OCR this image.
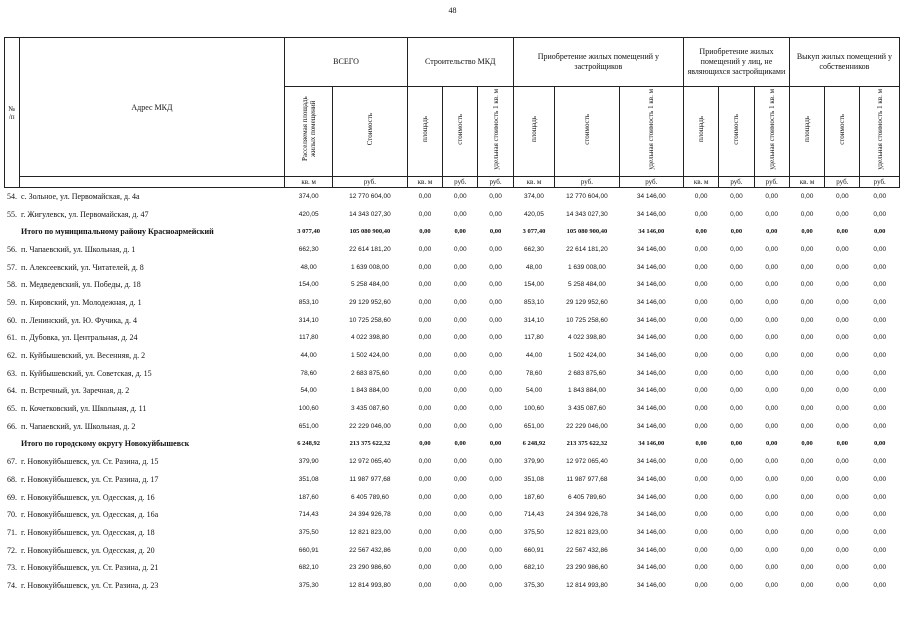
48
№
/п	Адрес МКД	ВСЕГО		Строительство МКД			Приобретение жилых помещений у застройщиков			Приобретение жилых помещений у лиц, не являющихся застройщиками			Выкуп жилых помещений у собственников		
		Расселяемая площадь жилых помещений	Стоимость	площадь	стоимость	удельная стоимость 1 кв. м	площадь	стоимость	удельная стоимость 1 кв. м	площадь	стоимость	удельная стоимость 1 кв. м	площадь	стоимость	удельная стоимость 1 кв. м
		кв. м	руб.	кв. м	руб.	руб.	кв. м	руб.	руб.	кв. м	руб.	руб.	кв. м	руб.	руб.
54.	с. Зольное, ул. Первомайская, д. 4а	374,00	12 770 604,00	0,00	0,00	0,00	374,00	12 770 604,00	34 146,00	0,00	0,00	0,00	0,00	0,00	0,00
55.	г. Жигулевск, ул. Первомайская, д. 47	420,05	14 343 027,30	0,00	0,00	0,00	420,05	14 343 027,30	34 146,00	0,00	0,00	0,00	0,00	0,00	0,00
	Итого по муниципальному району Красноармейский	3 077,40	105 080 900,40	0,00	0,00	0,00	3 077,40	105 080 900,40	34 146,00	0,00	0,00	0,00	0,00	0,00	0,00
56.	п. Чапаевский, ул. Школьная, д. 1	662,30	22 614 181,20	0,00	0,00	0,00	662,30	22 614 181,20	34 146,00	0,00	0,00	0,00	0,00	0,00	0,00
57.	п. Алексеевский, ул. Читателей, д. 8	48,00	1 639 008,00	0,00	0,00	0,00	48,00	1 639 008,00	34 146,00	0,00	0,00	0,00	0,00	0,00	0,00
58.	п. Медведевский, ул. Победы, д. 18	154,00	5 258 484,00	0,00	0,00	0,00	154,00	5 258 484,00	34 146,00	0,00	0,00	0,00	0,00	0,00	0,00
59.	п. Кировский, ул. Молодежная, д. 1	853,10	29 129 952,60	0,00	0,00	0,00	853,10	29 129 952,60	34 146,00	0,00	0,00	0,00	0,00	0,00	0,00
60.	п. Ленинский, ул. Ю. Фучика, д. 4	314,10	10 725 258,60	0,00	0,00	0,00	314,10	10 725 258,60	34 146,00	0,00	0,00	0,00	0,00	0,00	0,00
61.	п. Дубовка, ул. Центральная, д. 24	117,80	4 022 398,80	0,00	0,00	0,00	117,80	4 022 398,80	34 146,00	0,00	0,00	0,00	0,00	0,00	0,00
62.	п. Куйбышевский, ул. Весенняя, д. 2	44,00	1 502 424,00	0,00	0,00	0,00	44,00	1 502 424,00	34 146,00	0,00	0,00	0,00	0,00	0,00	0,00
63.	п. Куйбышевский, ул. Советская, д. 15	78,60	2 683 875,60	0,00	0,00	0,00	78,60	2 683 875,60	34 146,00	0,00	0,00	0,00	0,00	0,00	0,00
64.	п. Встречный, ул. Заречная, д. 2	54,00	1 843 884,00	0,00	0,00	0,00	54,00	1 843 884,00	34 146,00	0,00	0,00	0,00	0,00	0,00	0,00
65.	п. Кочетковский, ул. Школьная, д. 11	100,60	3 435 087,60	0,00	0,00	0,00	100,60	3 435 087,60	34 146,00	0,00	0,00	0,00	0,00	0,00	0,00
66.	п. Чапаевский, ул. Школьная, д. 2	651,00	22 229 046,00	0,00	0,00	0,00	651,00	22 229 046,00	34 146,00	0,00	0,00	0,00	0,00	0,00	0,00
	Итого по городскому округу Новокуйбышевск	6 248,92	213 375 622,32	0,00	0,00	0,00	6 248,92	213 375 622,32	34 146,00	0,00	0,00	0,00	0,00	0,00	0,00
67.	г. Новокуйбышевск, ул. Ст. Разина, д. 15	379,90	12 972 065,40	0,00	0,00	0,00	379,90	12 972 065,40	34 146,00	0,00	0,00	0,00	0,00	0,00	0,00
68.	г. Новокуйбышевск, ул. Ст. Разина, д. 17	351,08	11 987 977,68	0,00	0,00	0,00	351,08	11 987 977,68	34 146,00	0,00	0,00	0,00	0,00	0,00	0,00
69.	г. Новокуйбышевск, ул. Одесская, д. 16	187,60	6 405 789,60	0,00	0,00	0,00	187,60	6 405 789,60	34 146,00	0,00	0,00	0,00	0,00	0,00	0,00
70.	г. Новокуйбышевск, ул. Одесская, д. 16а	714,43	24 394 926,78	0,00	0,00	0,00	714,43	24 394 926,78	34 146,00	0,00	0,00	0,00	0,00	0,00	0,00
71.	г. Новокуйбышевск, ул. Одесская, д. 18	375,50	12 821 823,00	0,00	0,00	0,00	375,50	12 821 823,00	34 146,00	0,00	0,00	0,00	0,00	0,00	0,00
72.	г. Новокуйбышевск, ул. Одесская, д. 20	660,91	22 567 432,86	0,00	0,00	0,00	660,91	22 567 432,86	34 146,00	0,00	0,00	0,00	0,00	0,00	0,00
73.	г. Новокуйбышевск, ул. Ст. Разина, д. 21	682,10	23 290 986,60	0,00	0,00	0,00	682,10	23 290 986,60	34 146,00	0,00	0,00	0,00	0,00	0,00	0,00
74.	г. Новокуйбышевск, ул. Ст. Разина, д. 23	375,30	12 814 993,80	0,00	0,00	0,00	375,30	12 814 993,80	34 146,00	0,00	0,00	0,00	0,00	0,00	0,00
